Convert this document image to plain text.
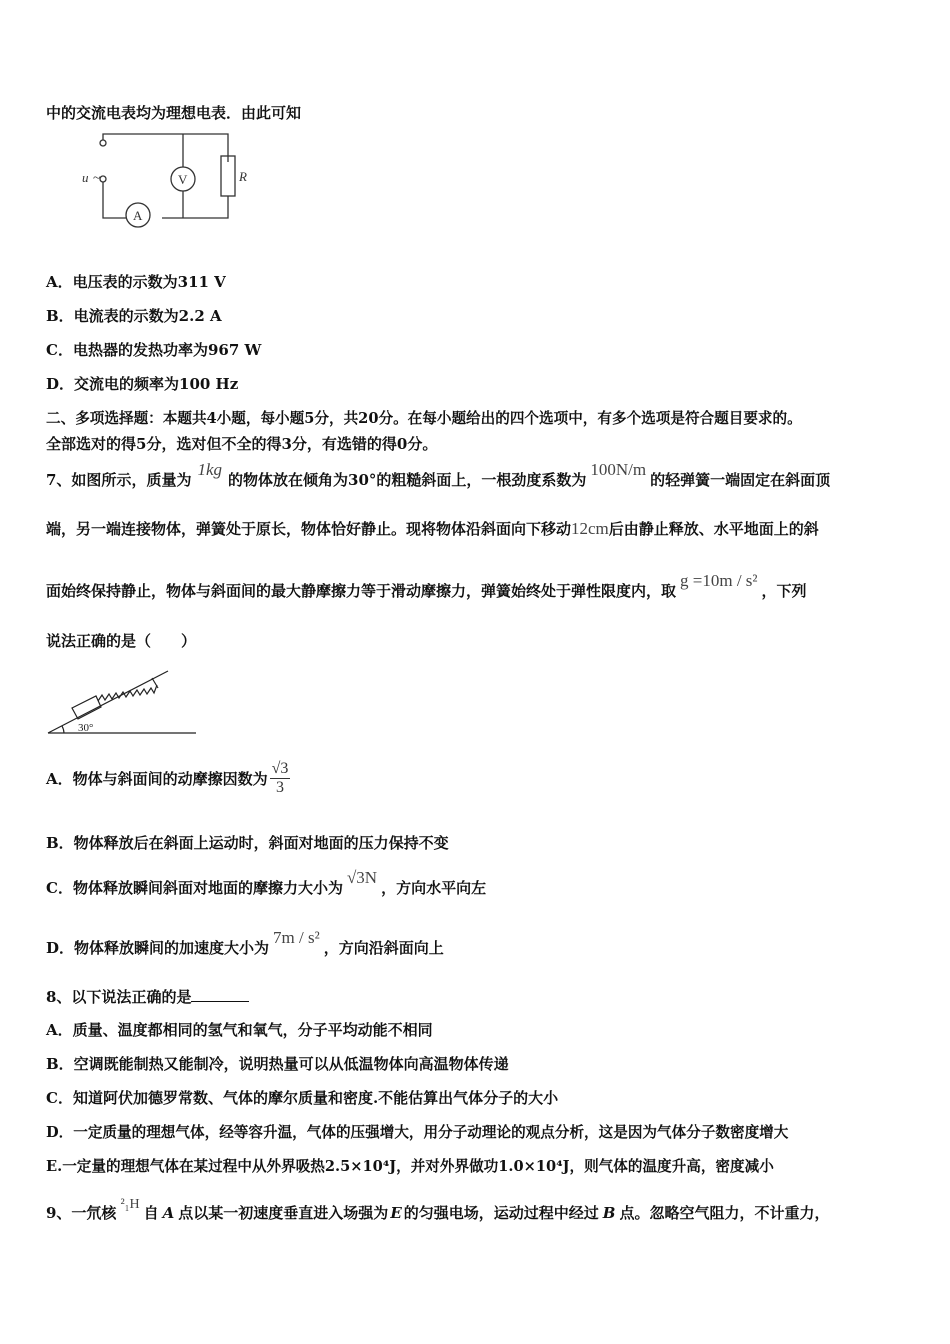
中的交流电表均为理想电表．由此可知
u ~	V
A
R
A．电压表的示数为311 V
B．电流表的示数为2.2 A
C．电热器的发热功率为967 W
D．交流电的频率为100 Hz
二、多项选择题：本题共4小题，每小题5分，共20分。在每小题给出的四个选项中，有多个选项是符合题目要求的。
全部选对的得5分，选对但不全的得3分，有选错的得0分。
7、如图所示，质量为1kg的物体放在倾角为30°的粗糙斜面上，一根劲度系数为100N/m的轻弹簧一端固定在斜面顶
端，另一端连接物体，弹簧处于原长，物体恰好静止。现将物体沿斜面向下移动12cm后由静止释放、水平地面上的斜
面始终保持静止，物体与斜面间的最大静摩擦力等于滑动摩擦力，弹簧始终处于弹性限度内，取g =10m / s²，下列
说法正确的是（　　）
30°
A．物体与斜面间的动摩擦因数为 $\frac{√3}{3}$
B．物体释放后在斜面上运动时，斜面对地面的压力保持不变
C．物体释放瞬间斜面对地面的摩擦力大小为√3N，方向水平向左
D．物体释放瞬间的加速度大小为7m / s²，方向沿斜面向上
8、以下说法正确的是
A．质量、温度都相同的氢气和氧气，分子平均动能不相同
B．空调既能制热又能制冷，说明热量可以从低温物体向高温物体传递
C．知道阿伏加德罗常数、气体的摩尔质量和密度.不能估算出气体分子的大小
D．一定质量的理想气体，经等容升温，气体的压强增大，用分子动理论的观点分析，这是因为气体分子数密度增大
E.一定量的理想气体在某过程中从外界吸热2.5×10⁴J，并对外界做功1.0×10⁴J，则气体的温度升高，密度减小
9、一氘核 ²₁H 自 A 点以某一初速度垂直进入场强为 E 的匀强电场，运动过程中经过 B 点。忽略空气阻力，不计重力，
